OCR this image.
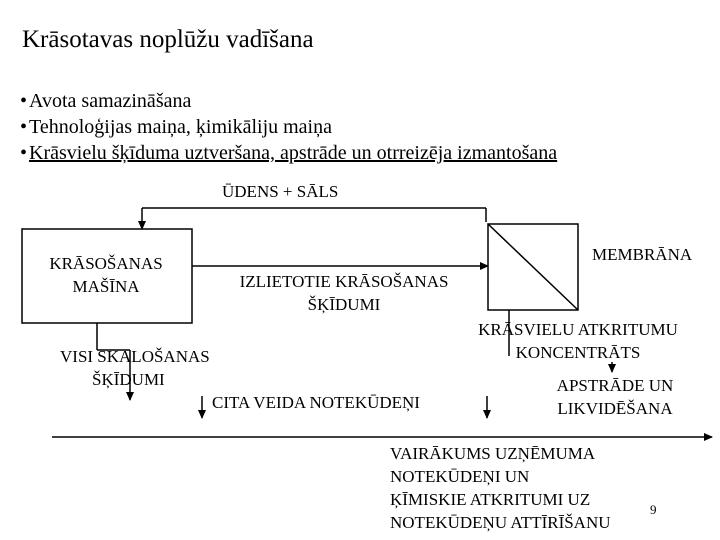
Krāsotavas noplūžu vadīšana
• Avota samazināšana
• Tehnoloģijas maiņa, ķimikāliju maiņa
• Krāsvielu šķīduma uztveršana, apstrāde un otrreizēja izmantošana
ŪDENS + SĀLS
KRĀSOŠANAS
MAŠĪNA	IZLIETOTIE KRĀSOŠANAS
ŠĶĪDUMI
MEMBRĀNA
KRĀSVIELU ATKRITUMU
KONCENTRĀTS
VISI SKALOŠANAS
ŠĶĪDUMI
CITA VEIDA NOTEKŪDEŅI
APSTRĀDE UN
LIKVIDĒŠANA
VAIRĀKUMS UZŅĒMUMA
NOTEKŪDEŅI UN
ĶĪMISKIE ATKRITUMI UZ
NOTEKŪDEŅU ATTĪRĪŠANU
9
